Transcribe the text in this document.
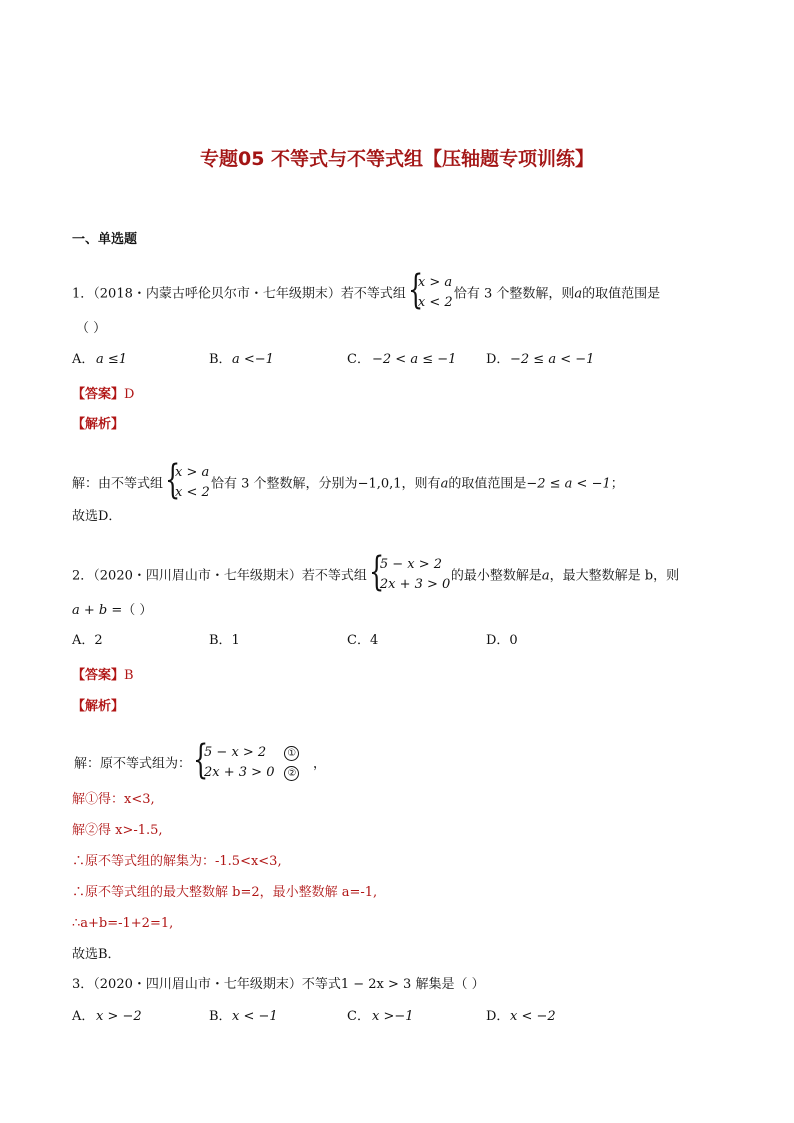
专题05 不等式与不等式组【压轴题专项训练】
一、单选题
1．（2018・内蒙古呼伦贝尔市・七年级期末）若不等式组 {
x > a
x < 2
恰有 3 个整数解，则a的取值范围是
（ ）
A． a ≤1	B． a <−1	C． −2 < a ≤ −1 D． −2 ≤ a < −1
【答案】D
【解析】
解：由不等式组 {
x > a
x < 2
恰有 3 个整数解，分别为−1,0,1，则有a的取值范围是−2 ≤ a < −1；
故选D．
2．（2020・四川眉山市・七年级期末）若不等式组 {
5 − x > 2
2x + 3 > 0
的最小整数解是a，最大整数解是 b，则
a + b =（ ）
A．2	B．1	C．4	D．0
【答案】B
【解析】
解：原不等式组为： {
5 − x > 2 ①
2x + 3 > 0 ②
，
解①得：x<3,
解②得 x>-1.5,
∴原不等式组的解集为：-1.5<x<3,
∴原不等式组的最大整数解 b=2，最小整数解 a=-1,
∴a+b=-1+2=1,
故选B．
3．（2020・四川眉山市・七年级期末）不等式1 − 2x > 3 解集是（ ）
A． x > −2	B． x < −1	C． x >−1	D． x < −2
